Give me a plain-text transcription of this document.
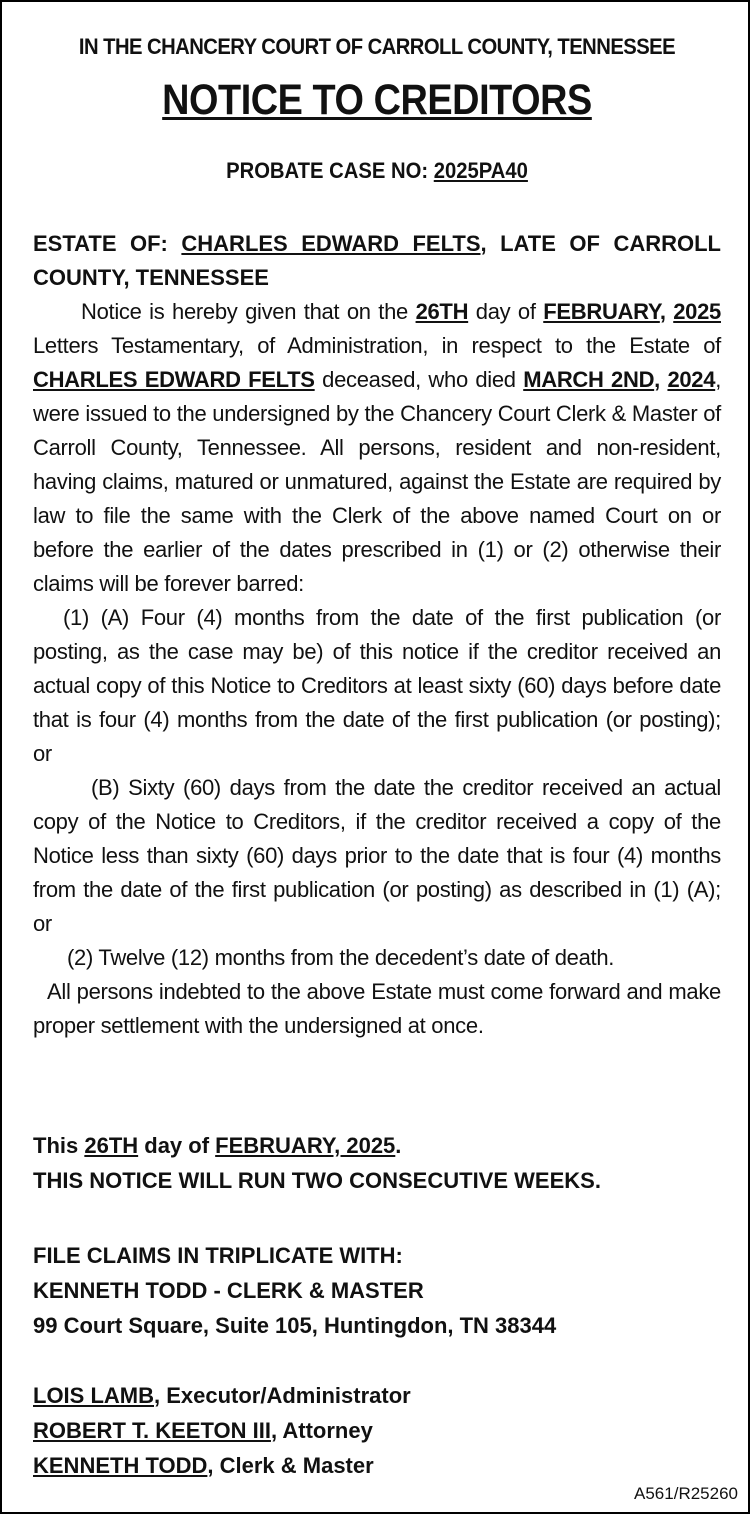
IN THE CHANCERY COURT OF CARROLL COUNTY, TENNESSEE
NOTICE TO CREDITORS
PROBATE CASE NO: 2025PA40
ESTATE OF: CHARLES EDWARD FELTS, LATE OF CARROLL COUNTY, TENNESSEE
Notice is hereby given that on the 26TH day of FEBRUARY, 2025 Letters Testamentary, of Administration, in respect to the Estate of CHARLES EDWARD FELTS deceased, who died MARCH 2ND, 2024, were issued to the undersigned by the Chancery Court Clerk & Master of Carroll County, Tennessee. All persons, resident and non-resident, having claims, matured or unmatured, against the Estate are required by law to file the same with the Clerk of the above named Court on or before the earlier of the dates prescribed in (1) or (2) otherwise their claims will be forever barred:
(1) (A) Four (4) months from the date of the first publication (or posting, as the case may be) of this notice if the creditor received an actual copy of this Notice to Creditors at least sixty (60) days before date that is four (4) months from the date of the first publication (or posting); or
(B) Sixty (60) days from the date the creditor received an actual copy of the Notice to Creditors, if the creditor received a copy of the Notice less than sixty (60) days prior to the date that is four (4) months from the date of the first publication (or posting) as described in (1) (A); or
(2) Twelve (12) months from the decedent’s date of death.
All persons indebted to the above Estate must come forward and make proper settlement with the undersigned at once.
This 26TH day of FEBRUARY, 2025.
THIS NOTICE WILL RUN TWO CONSECUTIVE WEEKS.
FILE CLAIMS IN TRIPLICATE WITH:
KENNETH TODD - CLERK & MASTER
99 Court Square, Suite 105, Huntingdon, TN 38344
LOIS LAMB, Executor/Administrator
ROBERT T. KEETON III, Attorney
KENNETH TODD, Clerk & Master
A561/R25260
